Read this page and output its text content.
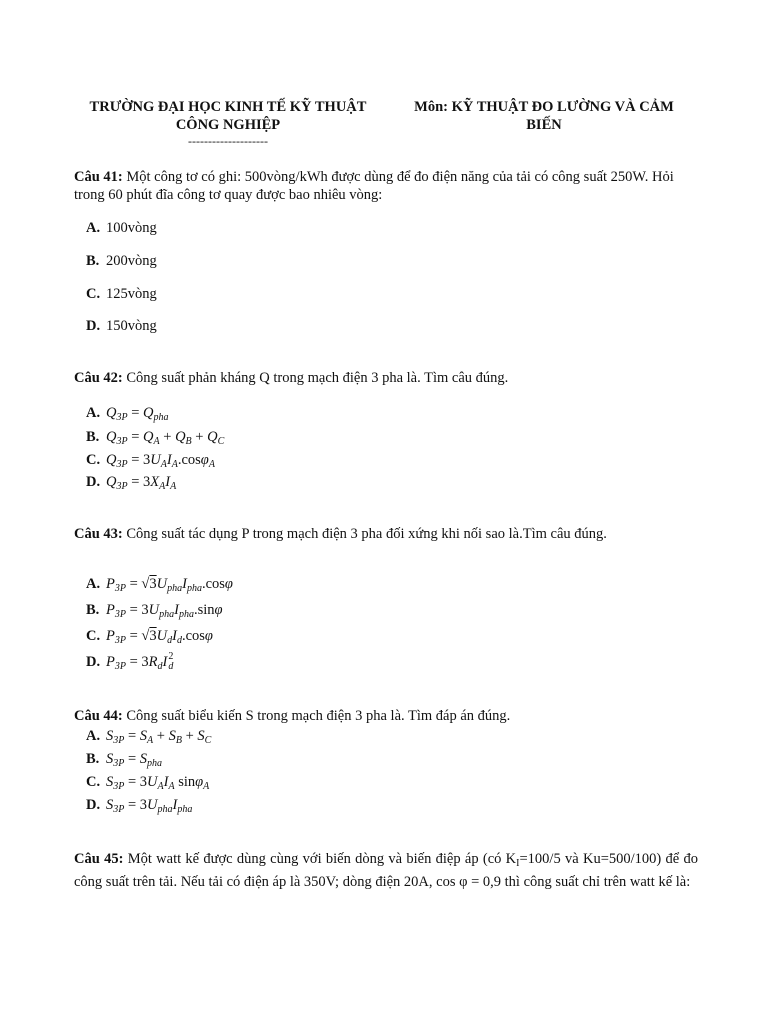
TRƯỜNG ĐẠI HỌC KINH TẾ KỸ THUẬT
CÔNG NGHIỆP
--------------------
Môn: KỸ THUẬT ĐO LƯỜNG VÀ CẢM
BIẾN

Câu 41: Một công tơ có ghi: 500vòng/kWh được dùng để đo điện năng của tải có công suất 250W. Hỏi trong 60 phút đĩa công tơ quay được bao nhiêu vòng:

A. 100vòng
B. 200vòng
C. 125vòng
D. 150vòng

Câu 42: Công suất phản kháng Q trong mạch điện 3 pha là. Tìm câu đúng.

A. $Q_{3P} = Q_{pha}$
B. $Q_{3P} = Q_A + Q_B + Q_C$
C. $Q_{3P} = 3U_AI_A.\cos\varphi_A$
D. $Q_{3P} = 3X_AI_A$

Câu 43: Công suất tác dụng P trong mạch điện 3 pha đối xứng khi nối sao là.Tìm câu đúng.

A. $P_{3P} = √3U_{pha}I_{pha}.\cos\varphi$
B. $P_{3P} = 3U_{pha}I_{pha}.\sin\varphi$
C. $P_{3P} = √3U_dI_d.\cos\varphi$
D. $P_{3P} = 3R_dI$ 2
d

Câu 44: Công suất biểu kiến S trong mạch điện 3 pha là. Tìm đáp án đúng.

A. $S_{3P} = S_A + S_B + S_C$
B. $S_{3P} = S_{pha}$
C. $S_{3P} = 3U_AI_A$ sinφ$_A$
D. $S_{3P} = 3U_{pha}I_{pha}$

Câu 45: Một watt kế được dùng cùng với biến dòng và biến điệp áp (có $K_I=100/5$ và Ku=500/100) để đo công suất trên tải. Nếu tải có điện áp là 350V; dòng điện 20A, cos φ = 0,9 thì công suất chỉ trên watt kế là:
